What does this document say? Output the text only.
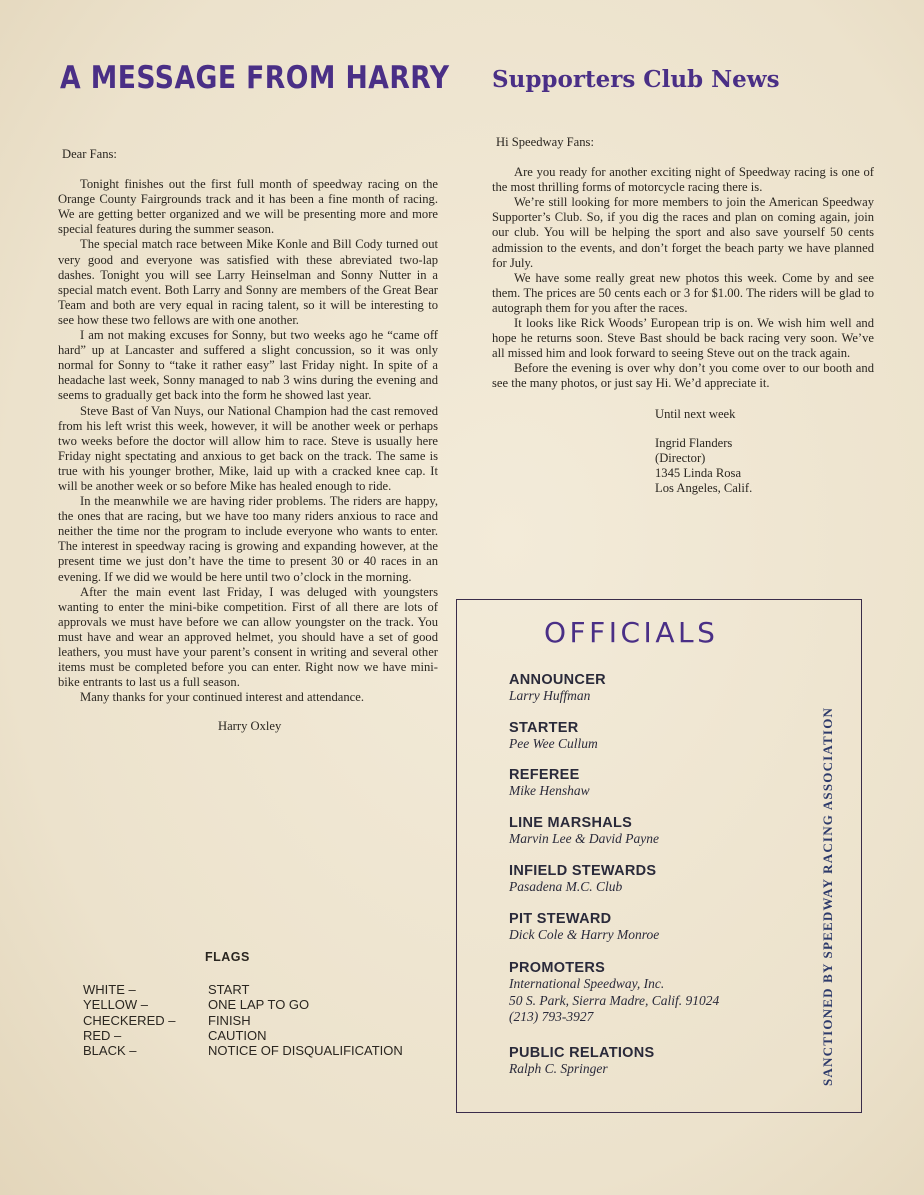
A MESSAGE FROM HARRY Supporters Club News

Dear Fans:

Tonight finishes out the first full month of speedway racing on the Orange County Fairgrounds track and it has been a fine month of racing. We are getting better organized and we will be presenting more and more special features during the summer season.

The special match race between Mike Konle and Bill Cody turned out very good and everyone was satisfied with these abreviated two-lap dashes. Tonight you will see Larry Heinselman and Sonny Nutter in a special match event. Both Larry and Sonny are members of the Great Bear Team and both are very equal in racing talent, so it will be interesting to see how these two fellows are with one another.

I am not making excuses for Sonny, but two weeks ago he “came off hard” up at Lancaster and suffered a slight concussion, so it was only normal for Sonny to “take it rather easy” last Friday night. In spite of a headache last week, Sonny managed to nab 3 wins during the evening and seems to gradually get back into the form he showed last year.

Steve Bast of Van Nuys, our National Champion had the cast removed from his left wrist this week, however, it will be another week or perhaps two weeks before the doctor will allow him to race. Steve is usually here Friday night spectating and anxious to get back on the track. The same is true with his younger brother, Mike, laid up with a cracked knee cap. It will be another week or so before Mike has healed enough to ride.

In the meanwhile we are having rider problems. The riders are happy, the ones that are racing, but we have too many riders anxious to race and neither the time nor the program to include everyone who wants to enter. The interest in speedway racing is growing and expanding however, at the present time we just don’t have the time to present 30 or 40 races in an evening. If we did we would be here until two o’clock in the morning.

After the main event last Friday, I was deluged with youngsters wanting to enter the mini-bike competition. First of all there are lots of approvals we must have before we can allow youngster on the track. You must have and wear an approved helmet, you should have a set of good leathers, you must have your parent’s consent in writing and several other items must be completed before you can enter. Right now we have mini-bike entrants to last us a full season.

Many thanks for your continued interest and attendance.

Harry Oxley

FLAGS
WHITE –	START
YELLOW –	ONE LAP TO GO
CHECKERED –	FINISH
RED –	CAUTION
BLACK –	NOTICE OF DISQUALIFICATION

Hi Speedway Fans:

Are you ready for another exciting night of Speedway racing is one of the most thrilling forms of motorcycle racing there is.

We’re still looking for more members to join the American Speedway Supporter’s Club. So, if you dig the races and plan on coming again, join our club. You will be helping the sport and also save yourself 50 cents admission to the events, and don’t forget the beach party we have planned for July.

We have some really great new photos this week. Come by and see them. The prices are 50 cents each or 3 for $1.00. The riders will be glad to autograph them for you after the races.

It looks like Rick Woods’ European trip is on. We wish him well and hope he returns soon. Steve Bast should be back racing very soon. We’ve all missed him and look forward to seeing Steve out on the track again.

Before the evening is over why don’t you come over to our booth and see the many photos, or just say Hi. We’d appreciate it.

Until next week

Ingrid Flanders
(Director)
1345 Linda Rosa
Los Angeles, Calif.
OFFICIALS
ANNOUNCER
Larry Huffman
STARTER
Pee Wee Cullum
REFEREE
Mike Henshaw
LINE MARSHALS
Marvin Lee & David Payne
INFIELD STEWARDS
Pasadena M.C. Club
PIT STEWARD
Dick Cole & Harry Monroe
PROMOTERS
International Speedway, Inc.
50 S. Park, Sierra Madre, Calif. 91024
(213) 793-3927
PUBLIC RELATIONS
Ralph C. Springer	SANCTIONED BY SPEEDWAY RACING ASSOCIATION
